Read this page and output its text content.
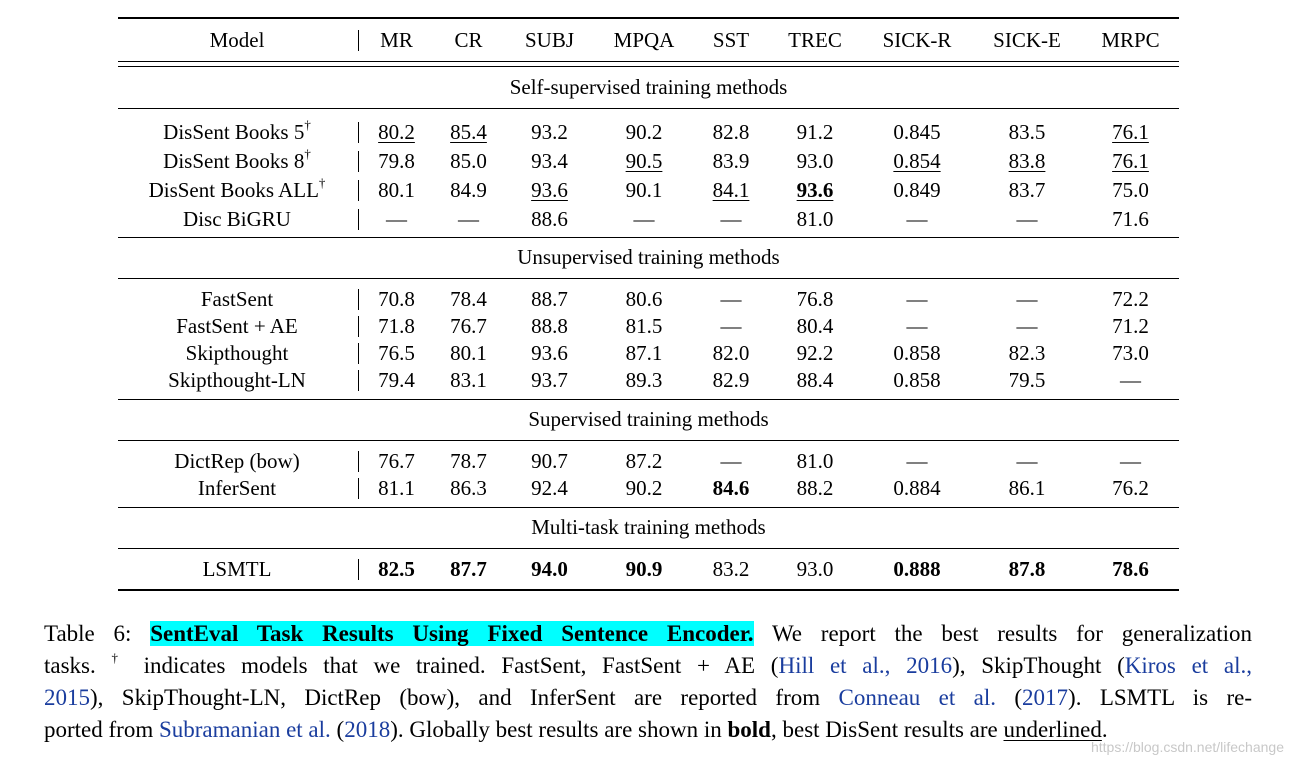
Model	MR	CR	SUBJ	MPQA	SST	TREC	SICK-R	SICK-E	MRPC
Self-supervised training methods
DisSent Books 5†	80.2	85.4	93.2	90.2	82.8	91.2	0.845	83.5	76.1
DisSent Books 8†	79.8	85.0	93.4	90.5	83.9	93.0	0.854	83.8	76.1
DisSent Books ALL†	80.1	84.9	93.6	90.1	84.1	93.6	0.849	83.7	75.0
Disc BiGRU	—	—	88.6	—	—	81.0	—	—	71.6
Unsupervised training methods
FastSent	70.8	78.4	88.7	80.6	—	76.8	—	—	72.2
FastSent + AE	71.8	76.7	88.8	81.5	—	80.4	—	—	71.2
Skipthought	76.5	80.1	93.6	87.1	82.0	92.2	0.858	82.3	73.0
Skipthought-LN	79.4	83.1	93.7	89.3	82.9	88.4	0.858	79.5	—
Supervised training methods
DictRep (bow)	76.7	78.7	90.7	87.2	—	81.0	—	—	—
InferSent	81.1	86.3	92.4	90.2	84.6	88.2	0.884	86.1	76.2
Multi-task training methods
LSMTL	82.5	87.7	94.0	90.9	83.2	93.0	0.888	87.8	78.6
Table 6: SentEval Task Results Using Fixed Sentence Encoder. We report the best results for generalization
tasks. † indicates models that we trained. FastSent, FastSent + AE (Hill et al., 2016), SkipThought (Kiros et al.,
2015), SkipThought-LN, DictRep (bow), and InferSent are reported from Conneau et al. (2017). LSMTL is re-
ported from Subramanian et al. (2018). Globally best results are shown in bold, best DisSent results are underlined.
https://blog.csdn.net/lifechange
